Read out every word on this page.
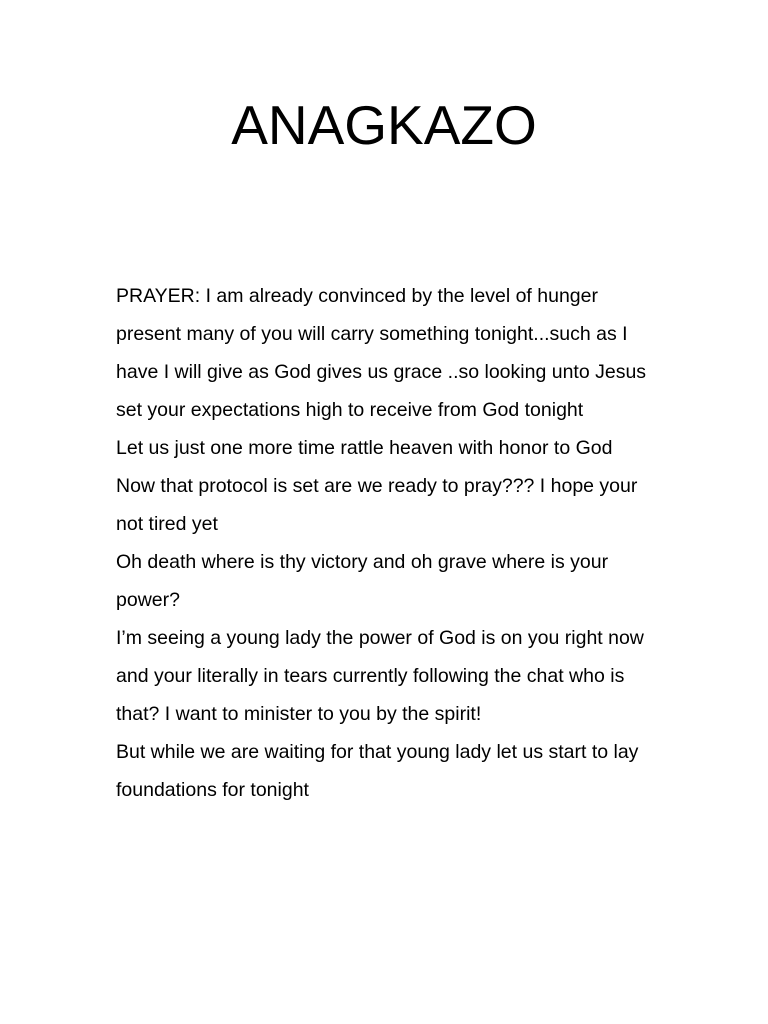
ANAGKAZO

PRAYER: I am already convinced by the level of hunger present many of you will carry something tonight...such as I have I will give as God gives us grace ..so looking unto Jesus set your expectations high to receive from God tonight

Let us just one more time rattle heaven with honor to God

Now that protocol is set are we ready to pray??? I hope your not tired yet

Oh death where is thy victory and oh grave where is your power?

I’m seeing a young lady the power of God is on you right now and your literally in tears currently following the chat who is that? I want to minister to you by the spirit!

But while we are waiting for that young lady let us start to lay foundations for tonight
